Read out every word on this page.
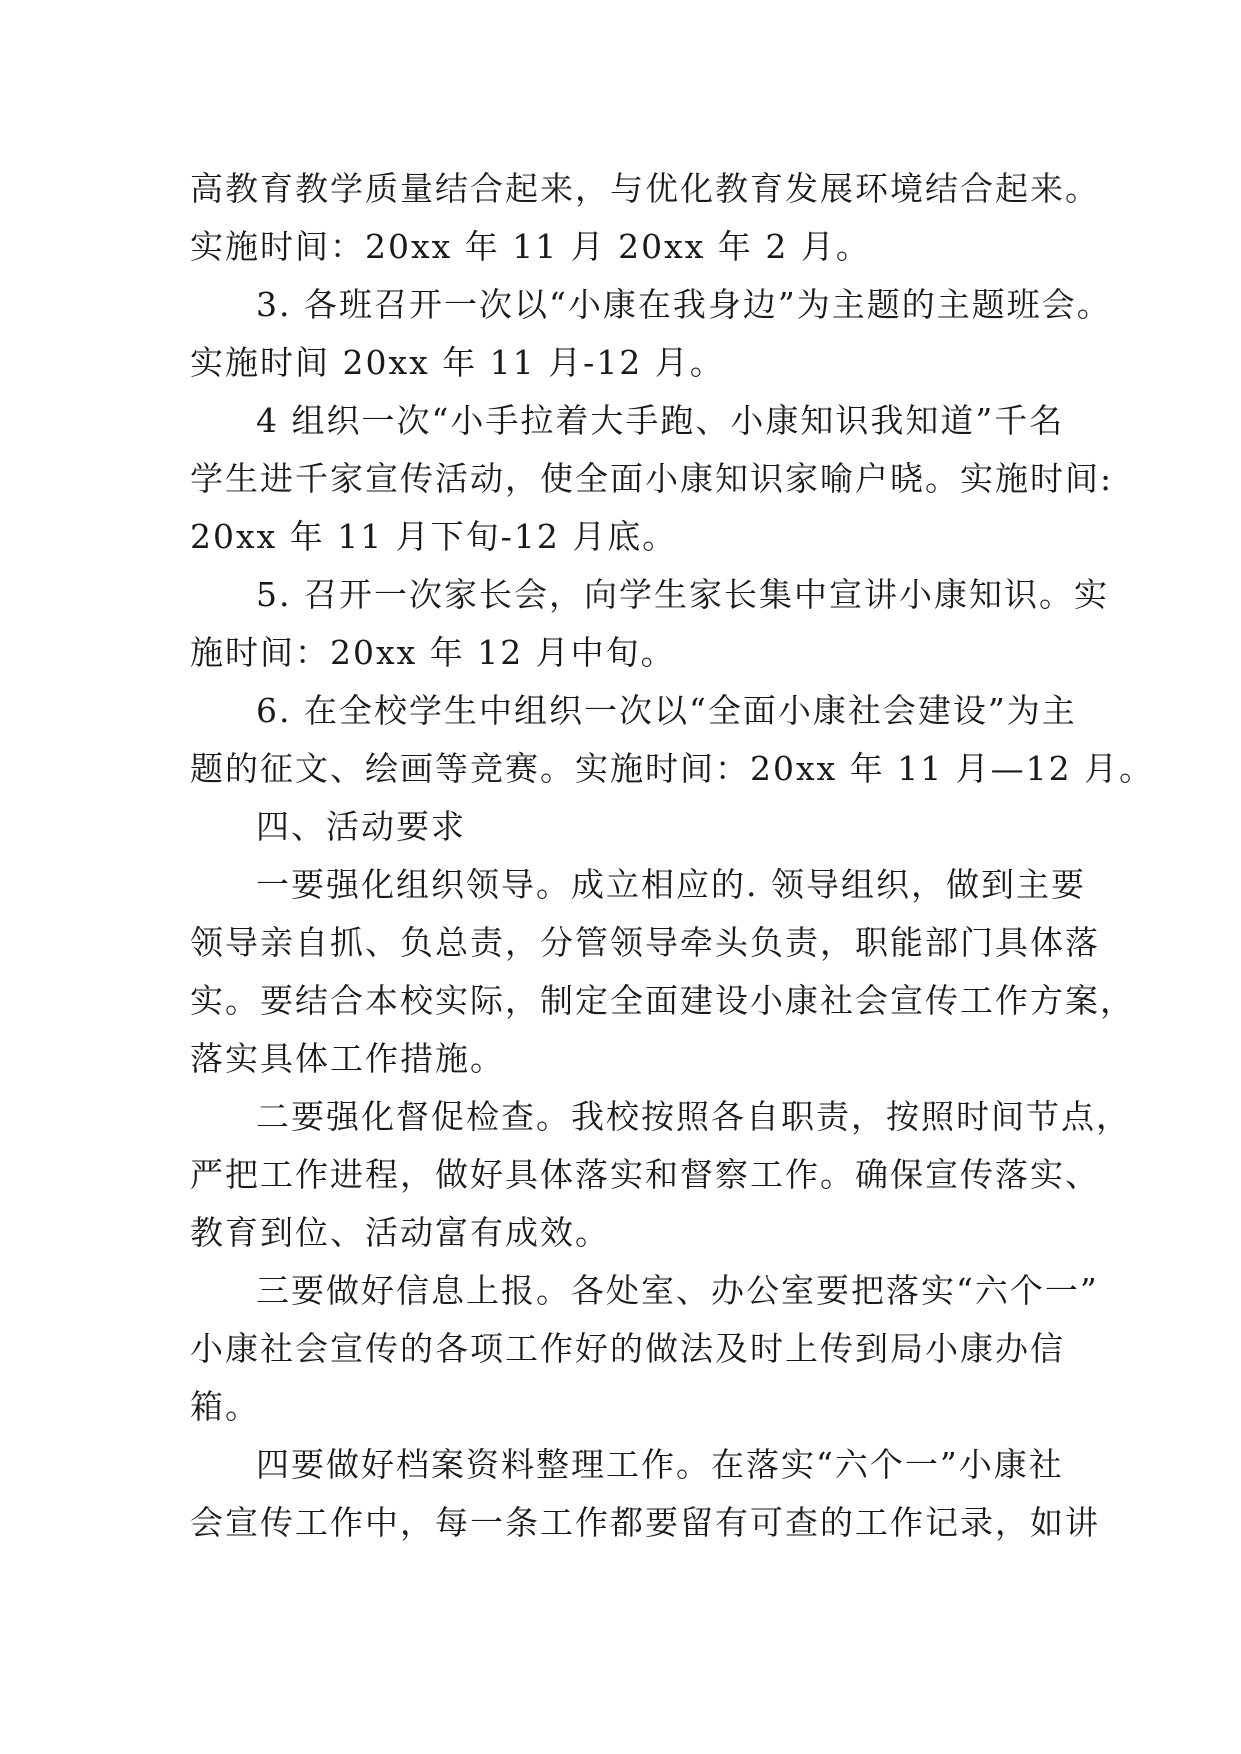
高教育教学质量结合起来，与优化教育发展环境结合起来。
实施时间：20xx 年 11 月 20xx 年 2 月。
3. 各班召开一次以“小康在我身边”为主题的主题班会。
实施时间 20xx 年 11 月-12 月。
4 组织一次“小手拉着大手跑、小康知识我知道”千名
学生进千家宣传活动，使全面小康知识家喻户晓。实施时间:
20xx 年 11 月下旬-12 月底。
5. 召开一次家长会，向学生家长集中宣讲小康知识。实
施时间：20xx 年 12 月中旬。
6. 在全校学生中组织一次以“全面小康社会建设”为主
题的征文、绘画等竞赛。实施时间：20xx 年 11 月—12 月。
四、活动要求
一要强化组织领导。成立相应的. 领导组织，做到主要
领导亲自抓、负总责，分管领导牵头负责，职能部门具体落
实。要结合本校实际，制定全面建设小康社会宣传工作方案，
落实具体工作措施。
二要强化督促检查。我校按照各自职责，按照时间节点，
严把工作进程，做好具体落实和督察工作。确保宣传落实、
教育到位、活动富有成效。
三要做好信息上报。各处室、办公室要把落实“六个一”
小康社会宣传的各项工作好的做法及时上传到局小康办信
箱。
四要做好档案资料整理工作。在落实“六个一”小康社
会宣传工作中，每一条工作都要留有可查的工作记录，如讲
